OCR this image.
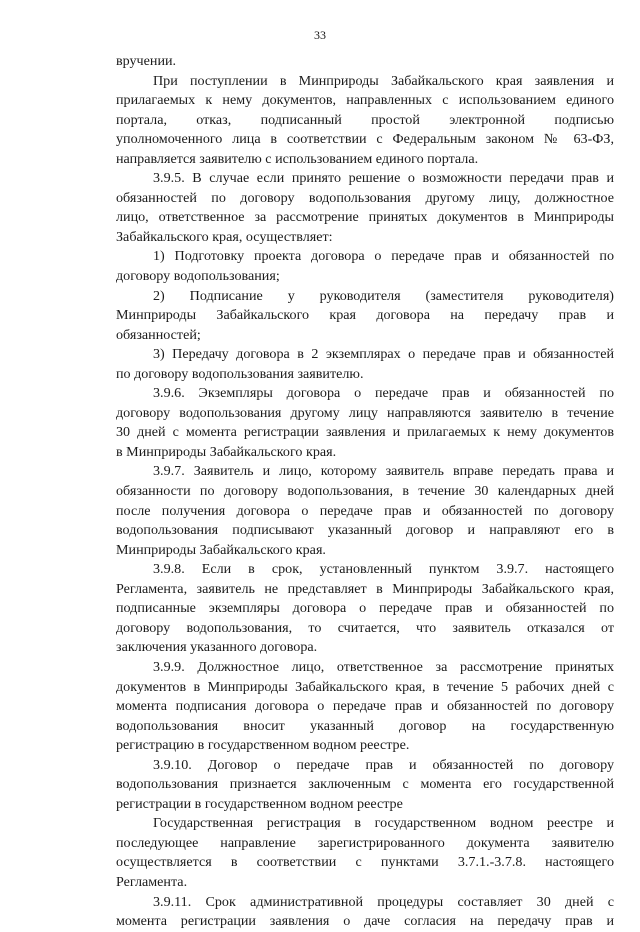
33
вручении.
При поступлении в Минприроды Забайкальского края заявления и
прилагаемых к нему документов, направленных с использованием единого
портала, отказ, подписанный простой электронной подписью
уполномоченного лица в соответствии с Федеральным законом № 63-ФЗ,
направляется заявителю с использованием единого портала.
3.9.5. В случае если принято решение о возможности передачи прав и
обязанностей по договору водопользования другому лицу, должностное
лицо, ответственное за рассмотрение принятых документов в Минприроды
Забайкальского края, осуществляет:
1) Подготовку проекта договора о передаче прав и обязанностей по
договору водопользования;
2) Подписание у руководителя (заместителя руководителя)
Минприроды Забайкальского края договора на передачу прав и
обязанностей;
3) Передачу договора в 2 экземплярах о передаче прав и обязанностей
по договору водопользования заявителю.
3.9.6. Экземпляры договора о передаче прав и обязанностей по
договору водопользования другому лицу направляются заявителю в течение
30 дней с момента регистрации заявления и прилагаемых к нему документов
в Минприроды Забайкальского края.
3.9.7. Заявитель и лицо, которому заявитель вправе передать права и
обязанности по договору водопользования, в течение 30 календарных дней
после получения договора о передаче прав и обязанностей по договору
водопользования подписывают указанный договор и направляют его в
Минприроды Забайкальского края.
3.9.8. Если в срок, установленный пунктом 3.9.7. настоящего
Регламента, заявитель не представляет в Минприроды Забайкальского края,
подписанные экземпляры договора о передаче прав и обязанностей по
договору водопользования, то считается, что заявитель отказался от
заключения указанного договора.
3.9.9. Должностное лицо, ответственное за рассмотрение принятых
документов в Минприроды Забайкальского края, в течение 5 рабочих дней с
момента подписания договора о передаче прав и обязанностей по договору
водопользования вносит указанный договор на государственную
регистрацию в государственном водном реестре.
3.9.10. Договор о передаче прав и обязанностей по договору
водопользования признается заключенным с момента его государственной
регистрации в государственном водном реестре
Государственная регистрация в государственном водном реестре и
последующее направление зарегистрированного документа заявителю
осуществляется в соответствии с пунктами 3.7.1.-3.7.8. настоящего
Регламента.
3.9.11. Срок административной процедуры составляет 30 дней с
момента регистрации заявления о даче согласия на передачу прав и
